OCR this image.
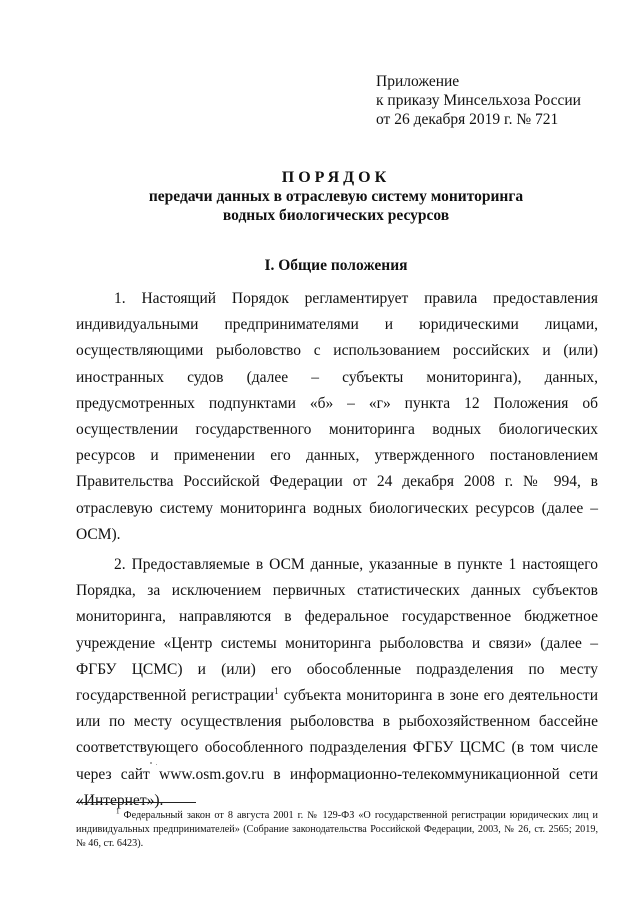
Приложение
к приказу Минсельхоза России
от 26 декабря 2019 г. № 721
ПОРЯДОК
передачи данных в отраслевую систему мониторинга
водных биологических ресурсов
I. Общие положения

1. Настоящий Порядок регламентирует правила предоставления индивидуальными предпринимателями и юридическими лицами, осуществляющими рыболовство с использованием российских и (или) иностранных судов (далее – субъекты мониторинга), данных, предусмотренных подпунктами «б» – «г» пункта 12 Положения об осуществлении государственного мониторинга водных биологических ресурсов и применении его данных, утвержденного постановлением Правительства Российской Федерации от 24 декабря 2008 г. № 994, в отраслевую систему мониторинга водных биологических ресурсов (далее – ОСМ).

2. Предоставляемые в ОСМ данные, указанные в пункте 1 настоящего Порядка, за исключением первичных статистических данных субъектов мониторинга, направляются в федеральное государственное бюджетное учреждение «Центр системы мониторинга рыболовства и связи» (далее – ФГБУ ЦСМС) и (или) его обособленные подразделения по месту государственной регистрации$^1$ субъекта мониторинга в зоне его деятельности или по месту осуществления рыболовства в рыбохозяйственном бассейне соответствующего обособленного подразделения ФГБУ ЦСМС (в том числе через сайт www.osm.gov.ru в информационно-телекоммуникационной сети «Интернет»).

$^1$ Федеральный закон от 8 августа 2001 г. № 129-ФЗ «О государственной регистрации юридических лиц и индивидуальных предпринимателей» (Собрание законодательства Российской Федерации, 2003, № 26, ст. 2565; 2019, № 46, ст. 6423).
